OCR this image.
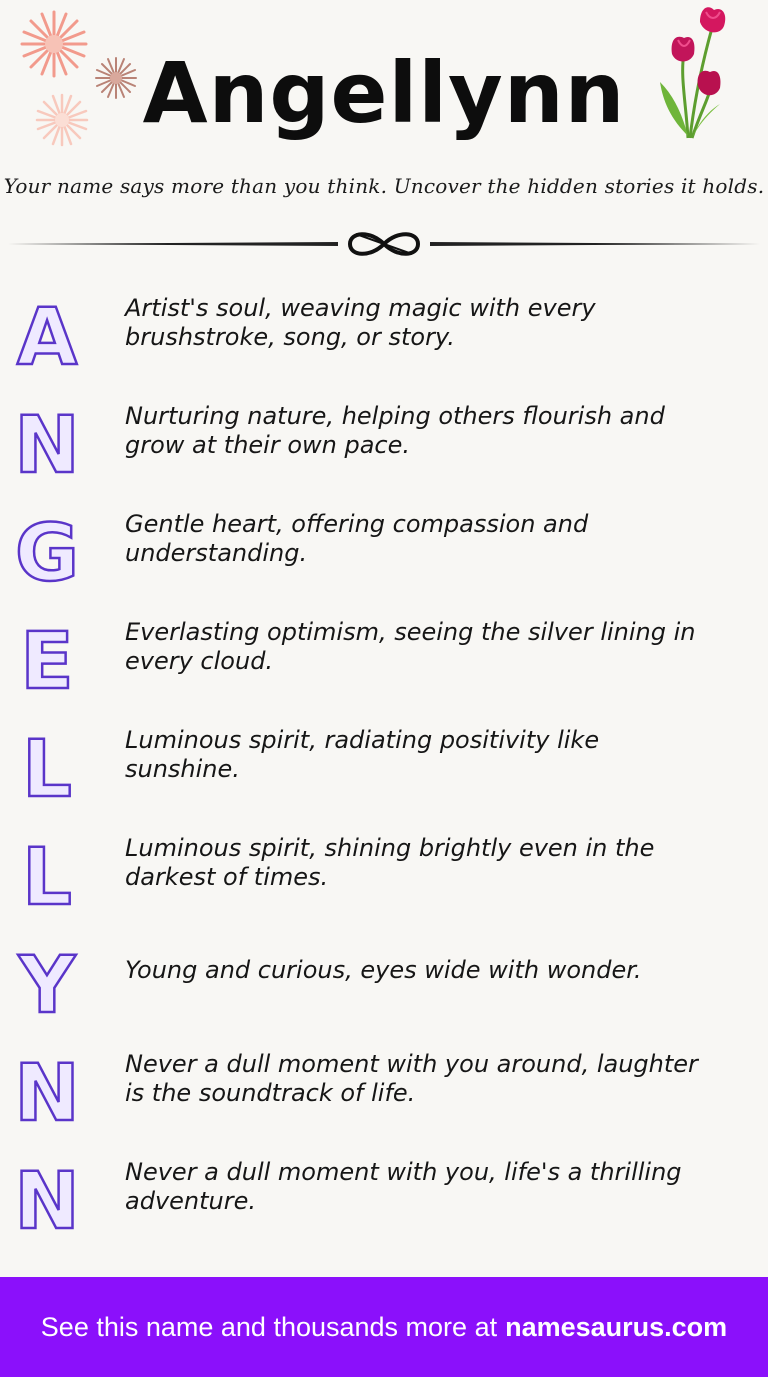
Angellynn
Your name says more than you think. Uncover the hidden stories it holds.
A Artist's soul, weaving magic with every brushstroke, song, or story.
N Nurturing nature, helping others flourish and grow at their own pace.
G Gentle heart, offering compassion and understanding.
E Everlasting optimism, seeing the silver lining in every cloud.
L Luminous spirit, radiating positivity like sunshine.
L Luminous spirit, shining brightly even in the darkest of times.
Y Young and curious, eyes wide with wonder.
N Never a dull moment with you around, laughter is the soundtrack of life.
N Never a dull moment with you, life's a thrilling adventure.
See this name and thousands more at namesaurus.com
